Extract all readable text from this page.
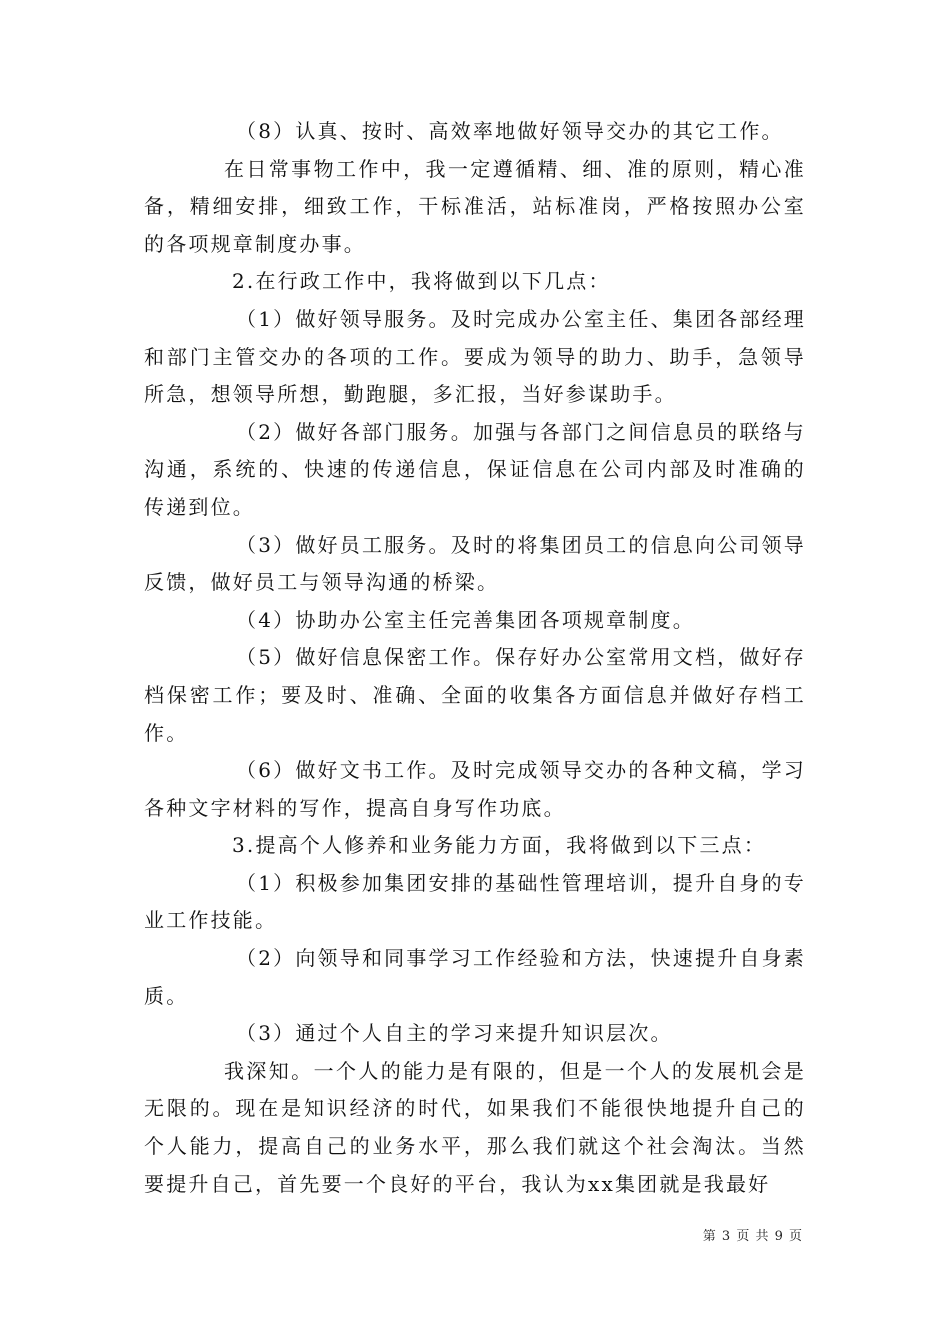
（8）认真、按时、高效率地做好领导交办的其它工作。

在日常事物工作中，我一定遵循精、细、准的原则，精心准备，精细安排，细致工作，干标准活，站标准岗，严格按照办公室的各项规章制度办事。

2.在行政工作中，我将做到以下几点：

（1）做好领导服务。及时完成办公室主任、集团各部经理和部门主管交办的各项的工作。要成为领导的助力、助手，急领导所急，想领导所想，勤跑腿，多汇报，当好参谋助手。

（2）做好各部门服务。加强与各部门之间信息员的联络与沟通，系统的、快速的传递信息，保证信息在公司内部及时准确的传递到位。

（3）做好员工服务。及时的将集团员工的信息向公司领导反馈，做好员工与领导沟通的桥梁。

（4）协助办公室主任完善集团各项规章制度。

（5）做好信息保密工作。保存好办公室常用文档，做好存档保密工作；要及时、准确、全面的收集各方面信息并做好存档工作。

（6）做好文书工作。及时完成领导交办的各种文稿，学习各种文字材料的写作，提高自身写作功底。

3.提高个人修养和业务能力方面，我将做到以下三点：

（1）积极参加集团安排的基础性管理培训，提升自身的专业工作技能。

（2）向领导和同事学习工作经验和方法，快速提升自身素质。

（3）通过个人自主的学习来提升知识层次。

我深知。一个人的能力是有限的，但是一个人的发展机会是无限的。现在是知识经济的时代，如果我们不能很快地提升自己的个人能力，提高自己的业务水平，那么我们就这个社会淘汰。当然要提升自己，首先要一个良好的平台，我认为xx集团就是我最好

第 3 页 共 9 页
